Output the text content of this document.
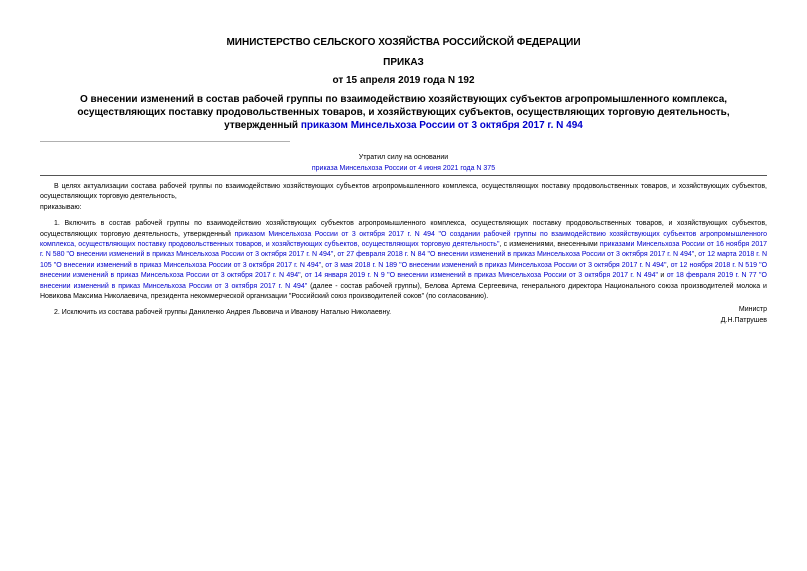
МИНИСТЕРСТВО СЕЛЬСКОГО ХОЗЯЙСТВА РОССИЙСКОЙ ФЕДЕРАЦИИ
ПРИКАЗ
от 15 апреля 2019 года N 192
О внесении изменений в состав рабочей группы по взаимодействию хозяйствующих субъектов агропромышленного комплекса, осуществляющих поставку продовольственных товаров, и хозяйствующих субъектов, осуществляющих торговую деятельность, утвержденный приказом Минсельхоза России от 3 октября 2017 г. N 494
Утратил силу на основании
приказа Минсельхоза России от 4 июня 2021 года N 375

В целях актуализации состава рабочей группы по взаимодействию хозяйствующих субъектов агропромышленного комплекса, осуществляющих поставку продовольственных товаров, и хозяйствующих субъектов, осуществляющих торговую деятельность,

приказываю:

1. Включить в состав рабочей группы по взаимодействию хозяйствующих субъектов агропромышленного комплекса, осуществляющих поставку продовольственных товаров, и хозяйствующих субъектов, осуществляющих торговую деятельность, утвержденный приказом Минсельхоза России от 3 октября 2017 г. N 494 "О создании рабочей группы по взаимодействию хозяйствующих субъектов агропромышленного комплекса, осуществляющих поставку продовольственных товаров, и хозяйствующих субъектов, осуществляющих торговую деятельность", с изменениями, внесенными приказами Минсельхоза России от 16 ноября 2017 г. N 580 "О внесении изменений в приказ Минсельхоза России от 3 октября 2017 г. N 494", от 27 февраля 2018 г. N 84 "О внесении изменений в приказ Минсельхоза России от 3 октября 2017 г. N 494", от 12 марта 2018 г. N 105 "О внесении изменений в приказ Минсельхоза России от 3 октября 2017 г. N 494", от 3 мая 2018 г. N 189 "О внесении изменений в приказ Минсельхоза России от 3 октября 2017 г. N 494", от 12 ноября 2018 г. N 519 "О внесении изменений в приказ Минсельхоза России от 3 октября 2017 г. N 494", от 14 января 2019 г. N 9 "О внесении изменений в приказ Минсельхоза России от 3 октября 2017 г. N 494" и от 18 февраля 2019 г. N 77 "О внесении изменений в приказ Минсельхоза России от 3 октября 2017 г. N 494" (далее - состав рабочей группы), Белова Артема Сергеевича, генерального директора Национального союза производителей молока и Новикова Максима Николаевича, президента некоммерческой организации "Российский союз производителей соков" (по согласованию).

2. Исключить из состава рабочей группы Даниленко Андрея Львовича и Иванову Наталью Николаевну.	Министр
Д.Н.Патрушев
